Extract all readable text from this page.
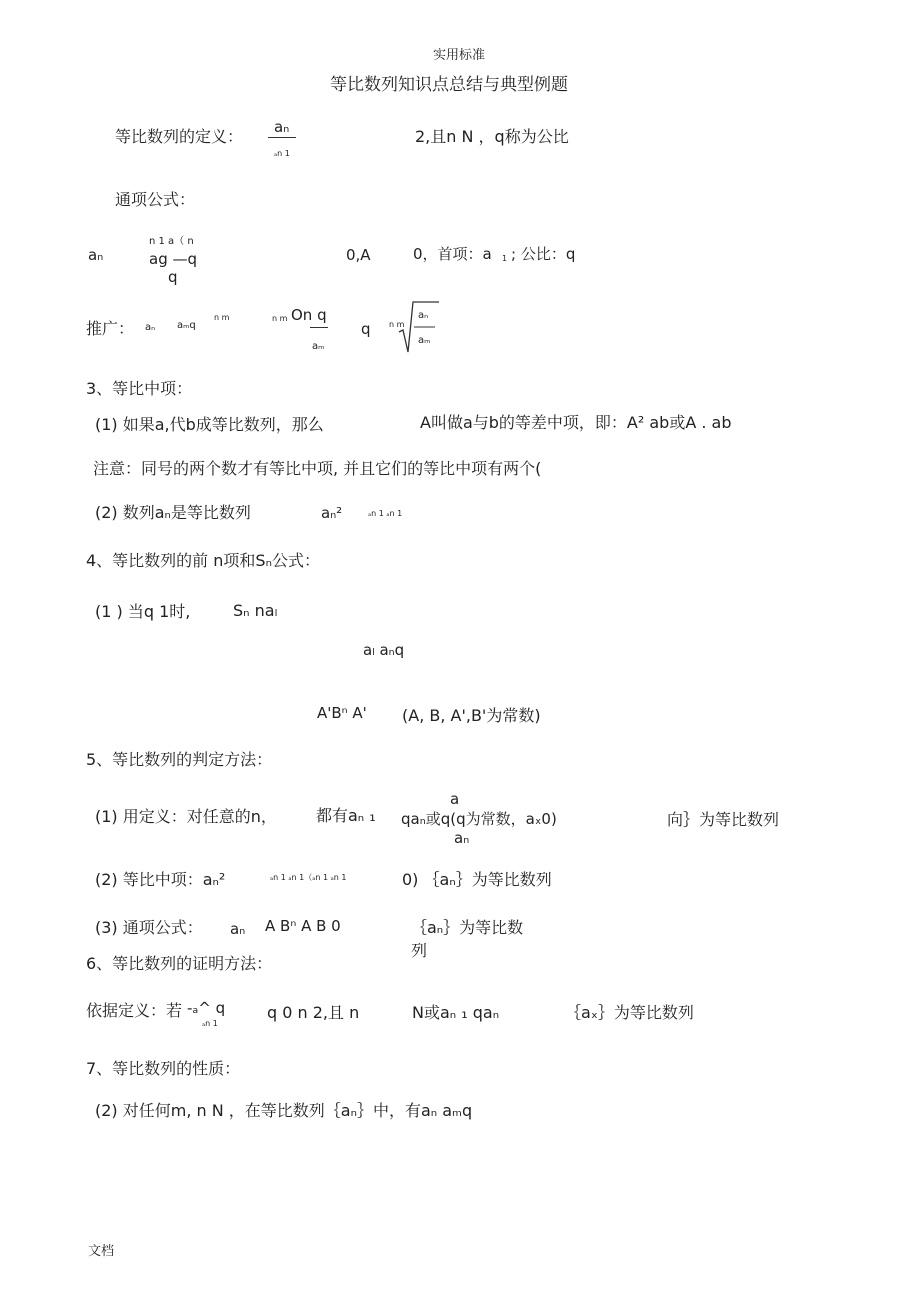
实用标准
等比数列知识点总结与典型例题
等比数列的定义： aₙ
ₐn 1
2,且n N ，q称为公比
通项公式：
aₙ
n 1 a（ n
ag —q
q
0,A	0，首项：a 1 ; 公比：q
推广： aₙ aₘq
n m	n m On q
aₘ
q n m
aₙ
aₘ
3、等比中项：
(1) 如果a,代b成等比数列，那么	A叫做a与b的等差中项，即：A² ab或A . ab
注意：同号的两个数才有等比中项, 并且它们的等比中项有两个(
(2) 数列aₙ是等比数列	aₙ²	ₐn 1 ₐn 1
4、等比数列的前 n项和Sₙ公式：
(1 ) 当q 1时,	Sₙ naₗ
aₗ aₙq
A'Bⁿ A' (A, B, A',B'为常数)
5、等比数列的判定方法：
a
(1) 用定义：对任意的n， 都有aₙ ₁ qaₙ或q(q为常数，aₓ0)	向｝为等比数列
aₙ
(2) 等比中项：aₙ²	ₐn 1 ₐn 1（ₐn 1 ₐn 1	0) ｛aₙ｝为等比数列
(3) 通项公式： aₙ A Bⁿ A B 0	｛aₙ｝为等比数
列
6、等比数列的证明方法：
依据定义：若 -ₐ^ q
ₐn 1
q 0 n 2,且 n	N或aₙ ₁ qaₙ	｛aₓ｝为等比数列
7、等比数列的性质：
(2) 对任何m, n N ，在等比数列｛aₙ｝中，有aₙ aₘq
文档
